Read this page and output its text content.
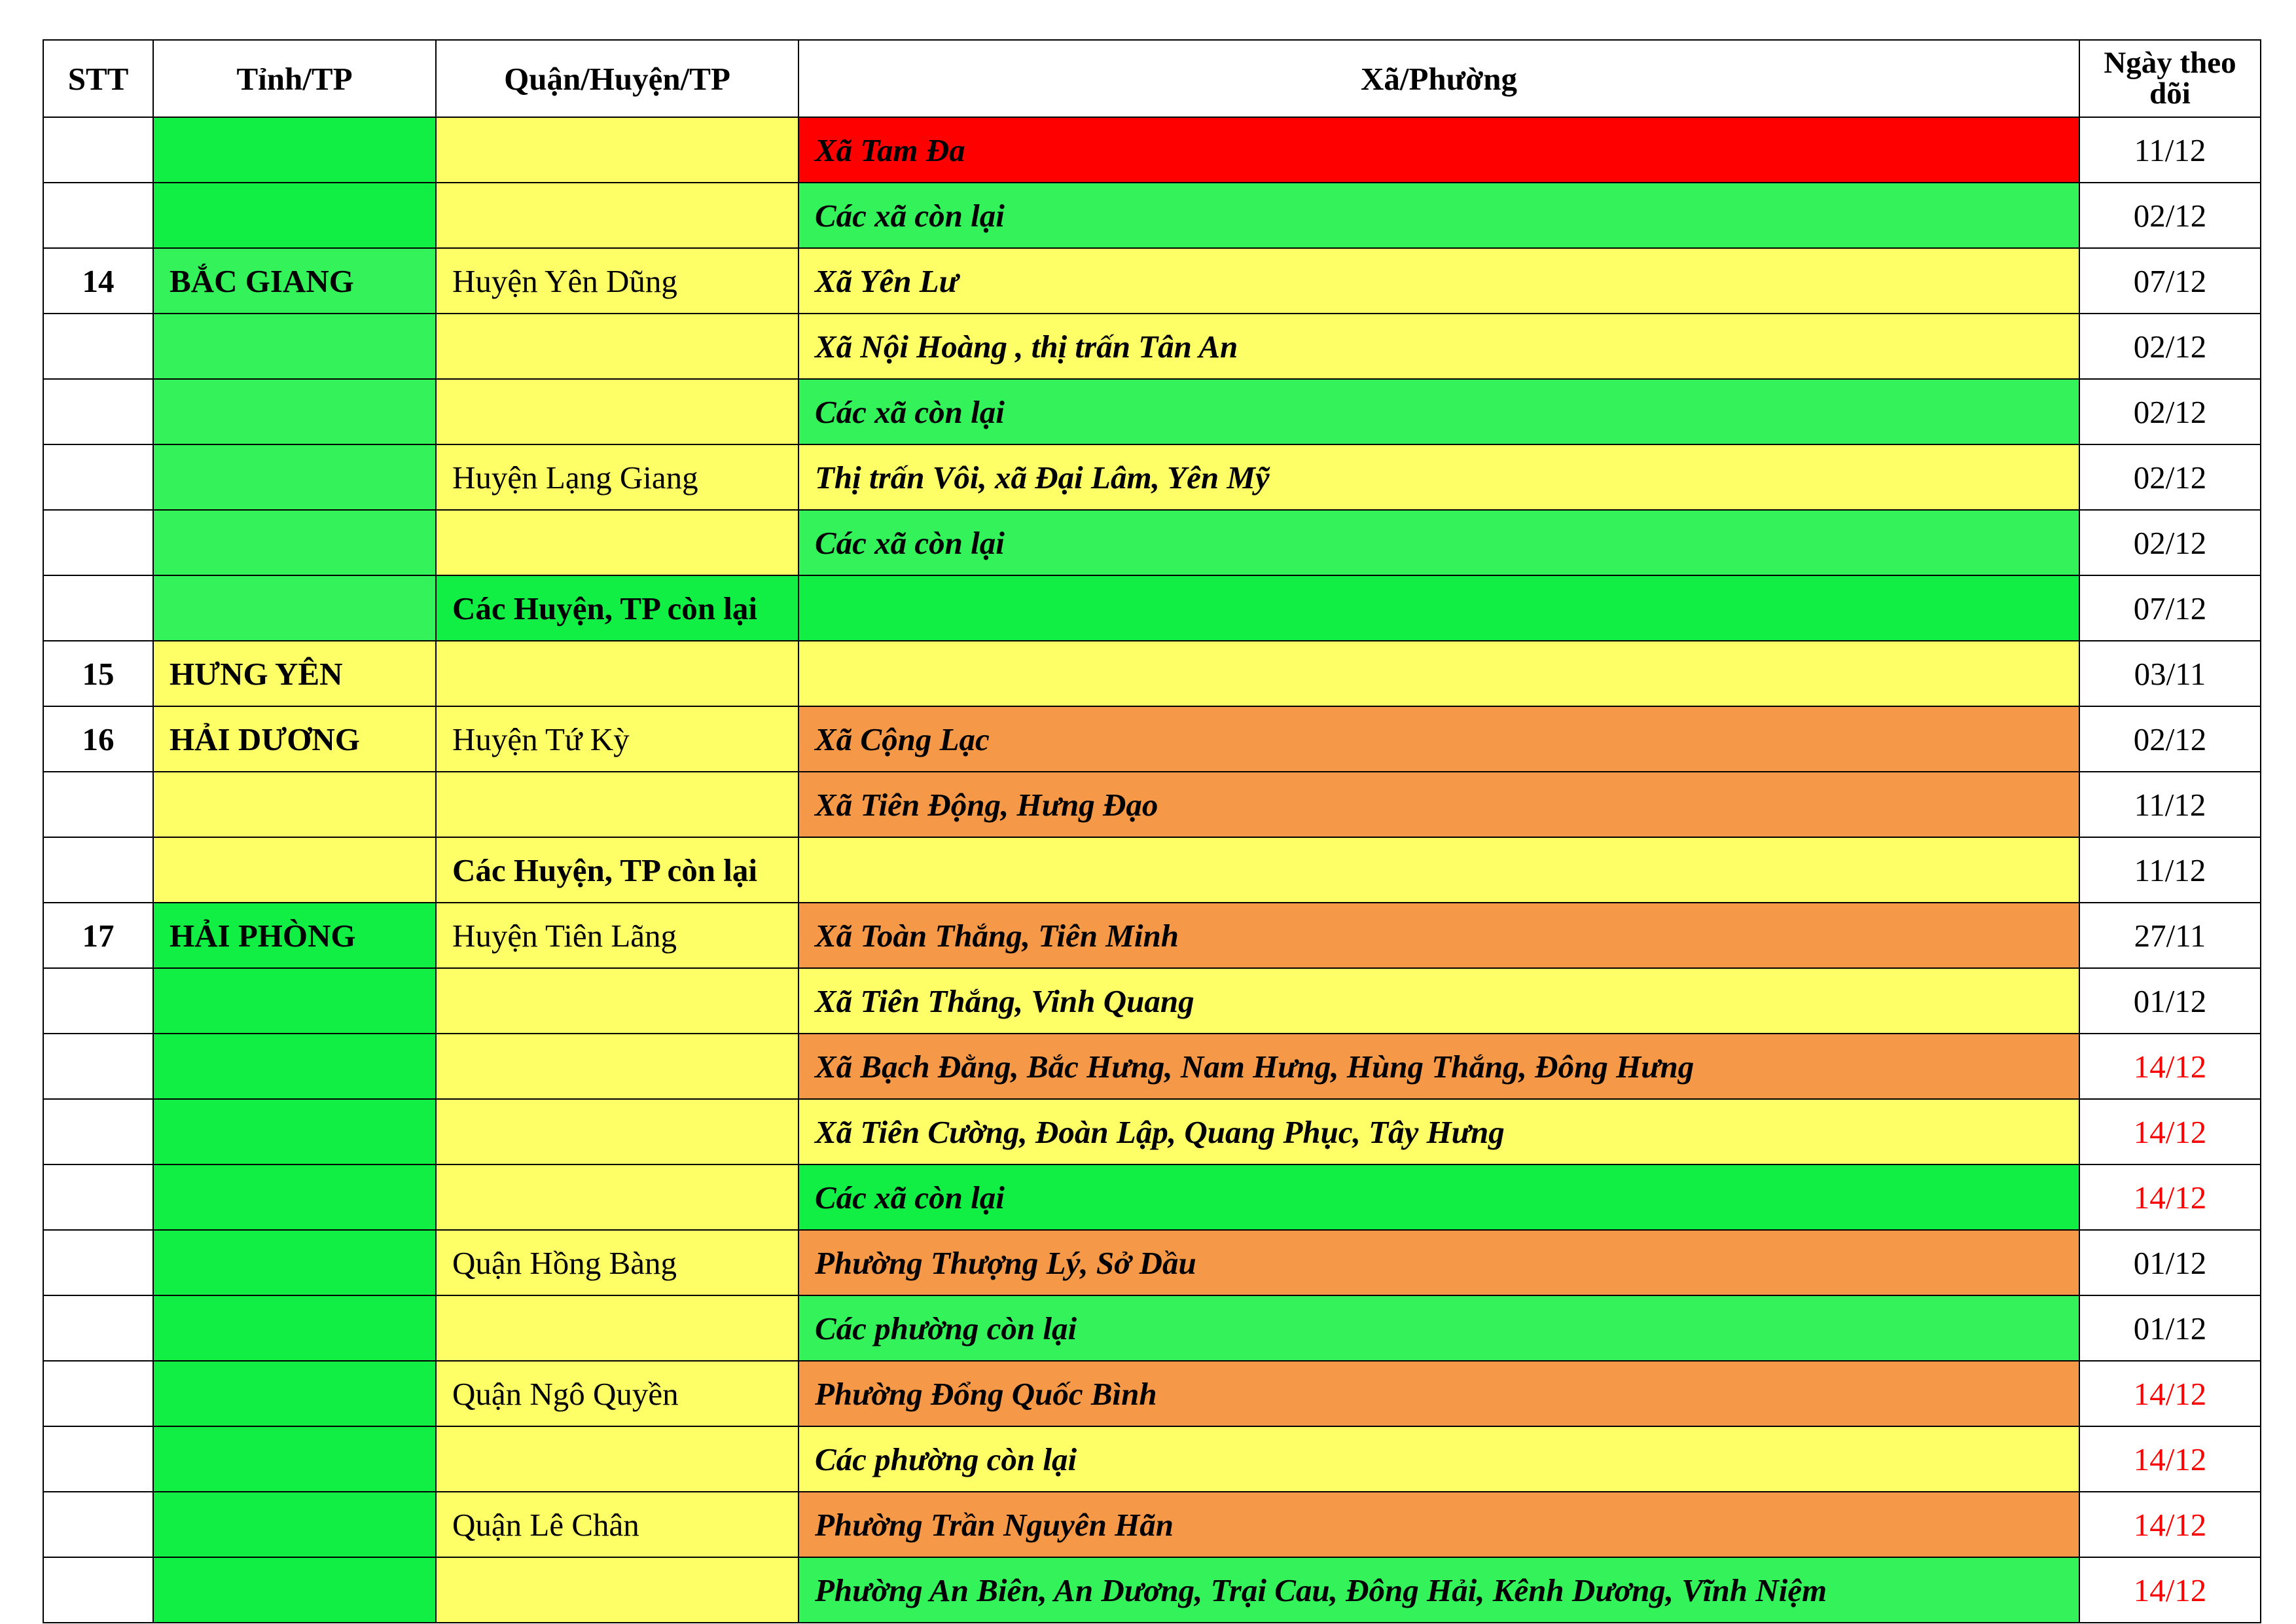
STT	Tỉnh/TP	Quận/Huyện/TP	Xã/Phường	Ngày theo dõi
			Xã Tam Đa	11/12
			Các xã còn lại	02/12
14	BẮC GIANG	Huyện Yên Dũng	Xã Yên Lư	07/12
			Xã Nội Hoàng , thị trấn Tân An	02/12
			Các xã còn lại	02/12
		Huyện Lạng Giang	Thị trấn Vôi, xã Đại Lâm, Yên Mỹ	02/12
			Các xã còn lại	02/12
		Các Huyện, TP còn lại		07/12
15	HƯNG YÊN			03/11
16	HẢI DƯƠNG	Huyện Tứ Kỳ	Xã Cộng Lạc	02/12
			Xã Tiên Động, Hưng Đạo	11/12
		Các Huyện, TP còn lại		11/12
17	HẢI PHÒNG	Huyện Tiên Lãng	Xã Toàn Thắng, Tiên Minh	27/11
			Xã Tiên Thắng, Vinh Quang	01/12
			Xã Bạch Đằng, Bắc Hưng, Nam Hưng, Hùng Thắng, Đông Hưng	14/12
			Xã Tiên Cường, Đoàn Lập, Quang Phục, Tây Hưng	14/12
			Các xã còn lại	14/12
		Quận Hồng Bàng	Phường Thượng Lý, Sở Dầu	01/12
			Các phường còn lại	01/12
		Quận Ngô Quyền	Phường Đổng Quốc Bình	14/12
			Các phường còn lại	14/12
		Quận Lê Chân	Phường Trần Nguyên Hãn	14/12
			Phường An Biên, An Dương, Trại Cau, Đông Hải, Kênh Dương, Vĩnh Niệm	14/12
